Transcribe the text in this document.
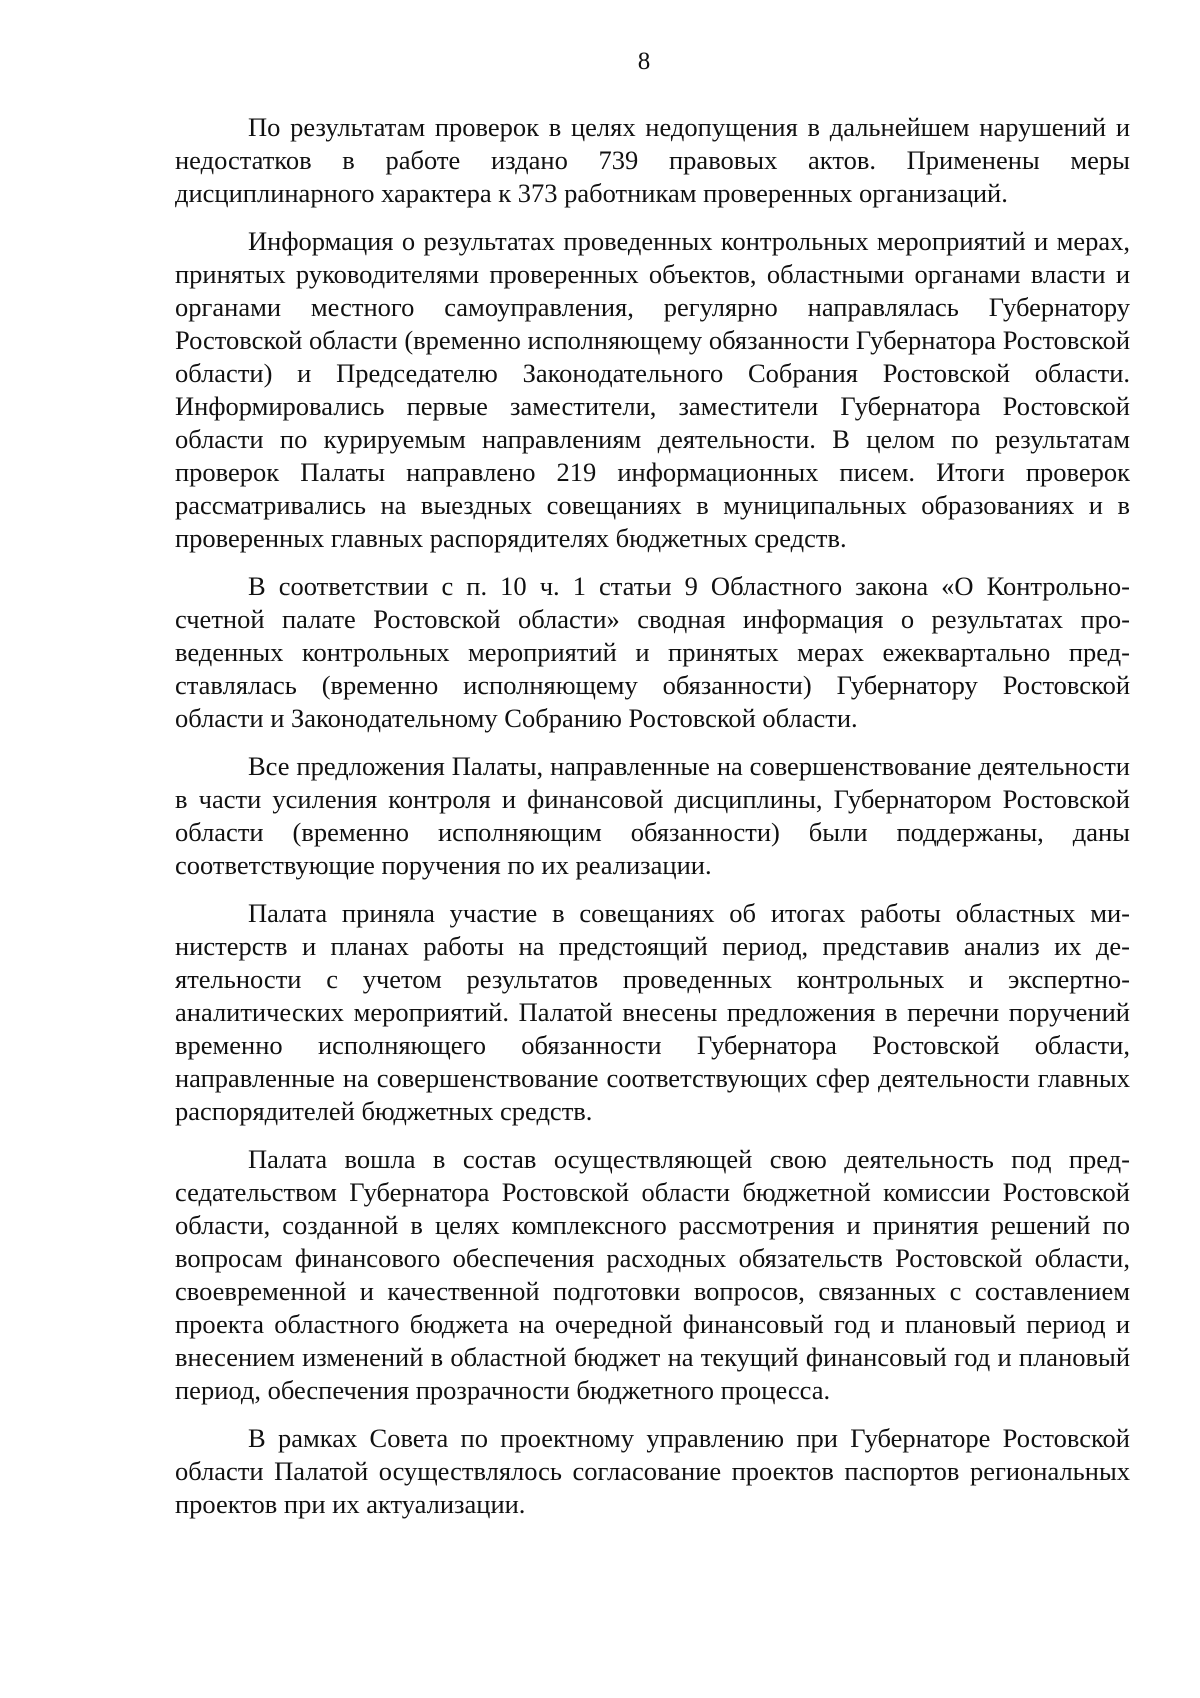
8

По результатам проверок в целях недопущения в дальнейшем нарушений и недостатков в работе издано 739 правовых актов. Применены меры дисциплинарного характера к 373 работникам проверенных организаций.

Информация о результатах проведенных контрольных мероприятий и мерах, принятых руководителями проверенных объектов, областными органами власти и органами местного самоуправления, регулярно направлялась Губернатору Ростовской области (временно исполняющему обязанности Губернатора Ростовской области) и Председателю Законодательного Собрания Ростовской области. Информировались первые заместители, заместители Губернатора Ростовской области по курируемым направлениям деятельности. В целом по результатам проверок Палаты направлено 219 информационных писем. Итоги проверок рассматривались на выездных совещаниях в муниципальных образованиях и в проверенных главных распорядителях бюджетных средств.

В соответствии с п. 10 ч. 1 статьи 9 Областного закона «О Контрольно-счетной палате Ростовской области» сводная информация о результатах проведенных контрольных мероприятий и принятых мерах ежеквартально представлялась (временно исполняющему обязанности) Губернатору Ростовской области и Законодательному Собранию Ростовской области.

Все предложения Палаты, направленные на совершенствование деятельности в части усиления контроля и финансовой дисциплины, Губернатором Ростовской области (временно исполняющим обязанности) были поддержаны, даны соответствующие поручения по их реализации.

Палата приняла участие в совещаниях об итогах работы областных министерств и планах работы на предстоящий период, представив анализ их деятельности с учетом результатов проведенных контрольных и экспертно-аналитических мероприятий. Палатой внесены предложения в перечни поручений временно исполняющего обязанности Губернатора Ростовской области, направленные на совершенствование соответствующих сфер деятельности главных распорядителей бюджетных средств.

Палата вошла в состав осуществляющей свою деятельность под председательством Губернатора Ростовской области бюджетной комиссии Ростовской области, созданной в целях комплексного рассмотрения и принятия решений по вопросам финансового обеспечения расходных обязательств Ростовской области, своевременной и качественной подготовки вопросов, связанных с составлением проекта областного бюджета на очередной финансовый год и плановый период и внесением изменений в областной бюджет на текущий финансовый год и плановый период, обеспечения прозрачности бюджетного процесса.

В рамках Совета по проектному управлению при Губернаторе Ростовской области Палатой осуществлялось согласование проектов паспортов региональных проектов при их актуализации.
